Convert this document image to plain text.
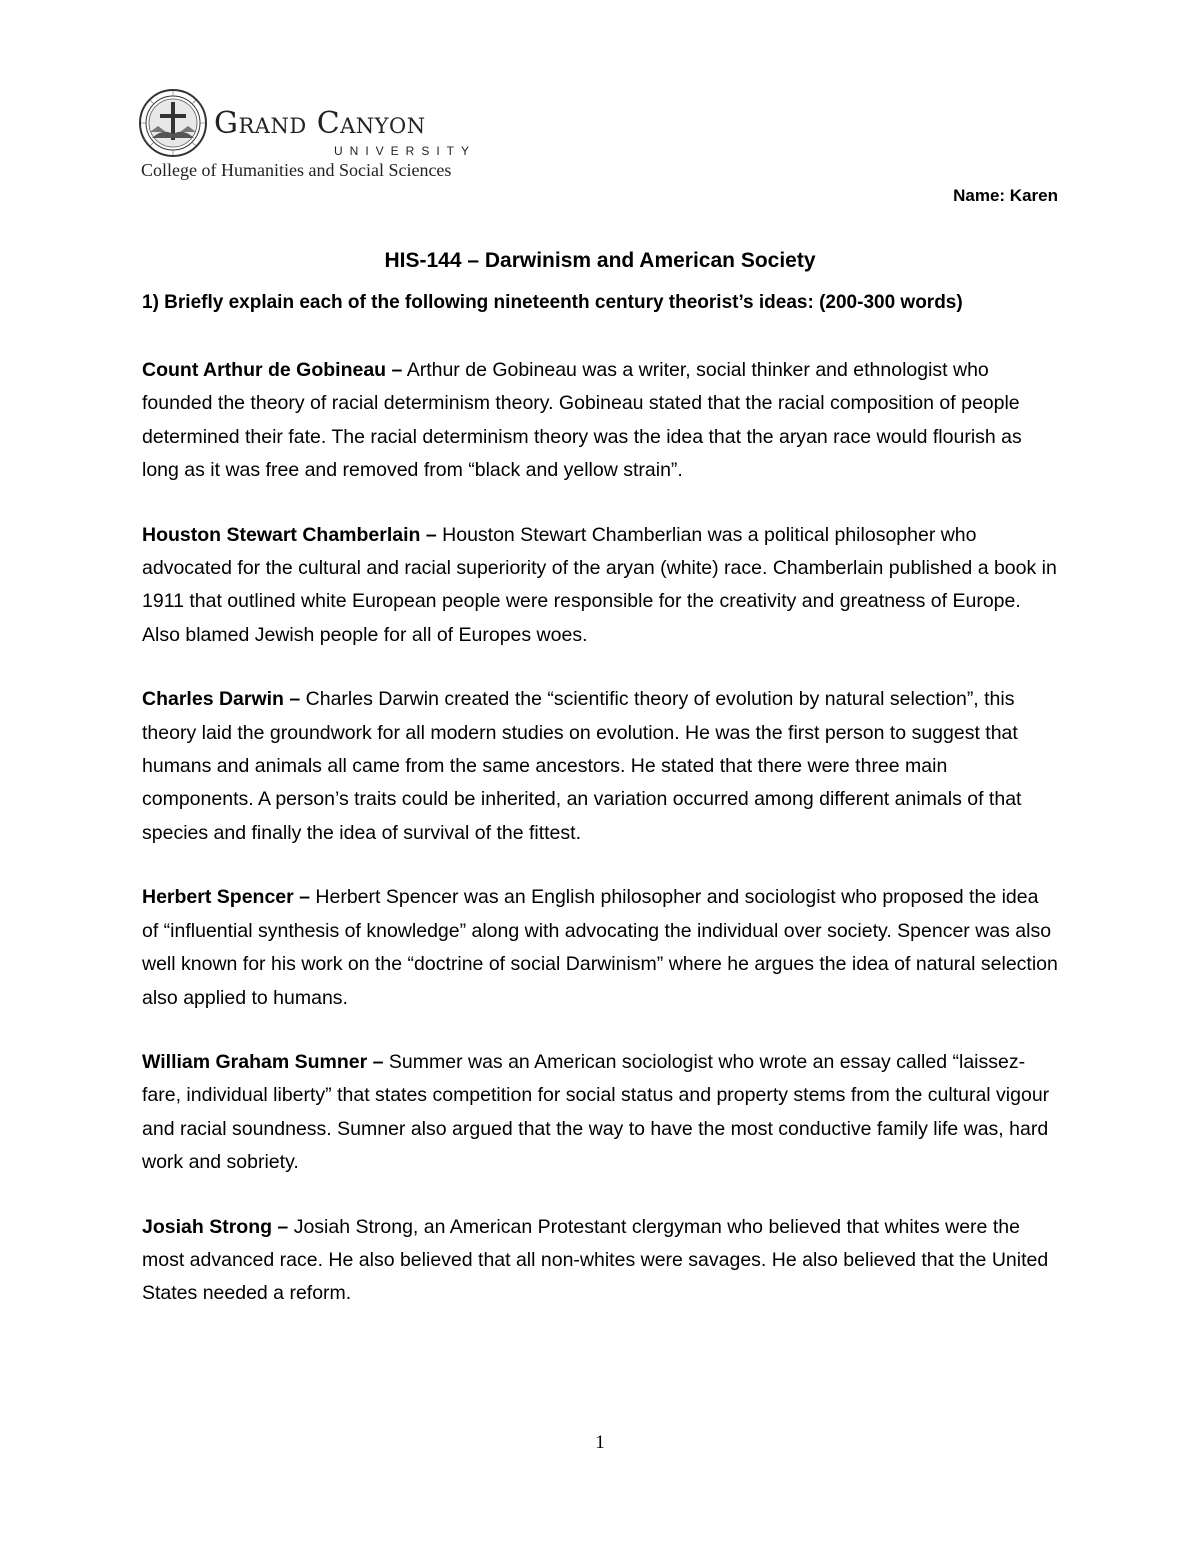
Grand Canyon
UNIVERSITY
College of Humanities and Social Sciences
Name: Karen
HIS-144 – Darwinism and American Society
1) Briefly explain each of the following nineteenth century theorist’s ideas: (200-300 words)

Count Arthur de Gobineau – Arthur de Gobineau was a writer, social thinker and ethnologist who founded the theory of racial determinism theory. Gobineau stated that the racial composition of people determined their fate. The racial determinism theory was the idea that the aryan race would flourish as long as it was free and removed from “black and yellow strain”.

Houston Stewart Chamberlain – Houston Stewart Chamberlian was a political philosopher who advocated for the cultural and racial superiority of the aryan (white) race. Chamberlain published a book in 1911 that outlined white European people were responsible for the creativity and greatness of Europe. Also blamed Jewish people for all of Europes woes.

Charles Darwin – Charles Darwin created the “scientific theory of evolution by natural selection”, this theory laid the groundwork for all modern studies on evolution. He was the first person to suggest that humans and animals all came from the same ancestors. He stated that there were three main components. A person’s traits could be inherited, an variation occurred among different animals of that species and finally the idea of survival of the fittest.

Herbert Spencer – Herbert Spencer was an English philosopher and sociologist who proposed the idea of “influential synthesis of knowledge” along with advocating the individual over society. Spencer was also well known for his work on the “doctrine of social Darwinism” where he argues the idea of natural selection also applied to humans.

William Graham Sumner – Summer was an American sociologist who wrote an essay called “laissez-fare, individual liberty” that states competition for social status and property stems from the cultural vigour and racial soundness. Sumner also argued that the way to have the most conductive family life was, hard work and sobriety.

Josiah Strong – Josiah Strong, an American Protestant clergyman who believed that whites were the most advanced race. He also believed that all non-whites were savages. He also believed that the United States needed a reform.

1
